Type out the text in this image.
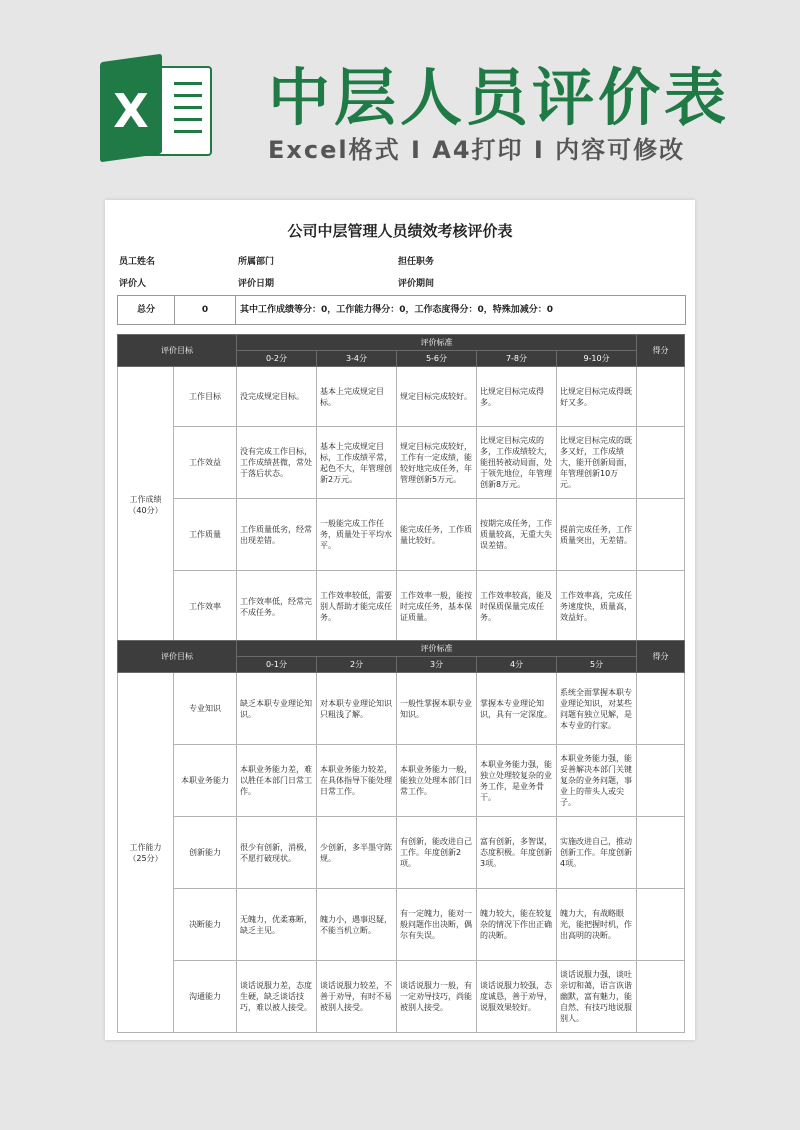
X 中层人员评价表
Excel格式 I A4打印 I 内容可修改
公司中层管理人员绩效考核评价表
员工姓名	所属部门	担任职务
评价人	评价日期	评价期间
总分	0	其中工作成绩等分：0，工作能力得分：0，工作态度得分：0，特殊加减分：0
评价目标		评价标准					得分
		0-2分	3-4分	5-6分	7-8分	9-10分	

工作成绩
（40分）	工作目标	没完成规定目标。	基本上完成规定目标。	规定目标完成较好。	比规定目标完成得多。	比规定目标完成得既好又多。	
	工作效益	没有完成工作目标，工作成绩甚微，常处于落后状态。	基本上完成规定目标，工作成绩平常，起色不大，年管理创新2万元。	规定目标完成较好，工作有一定成绩，能较好地完成任务，年管理创新5万元。	比规定目标完成的多，工作成绩较大，能扭转被动局面，处于领先地位，年管理创新8万元。	比规定目标完成的既多又好，工作成绩大，能开创新局面，年管理创新10万元。	
	工作质量	工作质量低劣，经常出现差错。	一般能完成工作任务，质量处于平均水平。	能完成任务，工作质量比较好。	按期完成任务，工作质量较高，无重大失误差错。	提前完成任务，工作质量突出，无差错。	
	工作效率	工作效率低，经常完不成任务。	工作效率较低，需要别人帮助才能完成任务。	工作效率一般，能按时完成任务，基本保证质量。	工作效率较高，能及时保质保量完成任务。	工作效率高，完成任务速度快，质量高，效益好。	
评价目标		评价标准					得分
		0-1分	2分	3分	4分	5分	

工作能力
（25分）	专业知识	缺乏本职专业理论知识。	对本职专业理论知识只粗浅了解。	一般性掌握本职专业知识。	掌握本专业理论知识，具有一定深度。	系统全面掌握本职专业理论知识，对某些问题有独立见解，是本专业的行家。	
	本职业务能力	本职业务能力差，难以胜任本部门日常工作。	本职业务能力较差，在具体指导下能处理日常工作。	本职业务能力一般，能独立处理本部门日常工作。	本职业务能力强，能独立处理较复杂的业务工作，是业务骨干。	本职业务能力强，能妥善解决本部门关键复杂的业务问题，事业上的带头人或尖子。	
	创新能力	很少有创新，消极，不愿打破现状。	少创新，多半墨守陈规。	有创新，能改进自己工作。年度创新2项。	富有创新，多智谋，态度积极。年度创新3项。	实施改进自己，推动创新工作。年度创新4项。	
	决断能力	无魄力，优柔寡断，缺乏主见。	魄力小，遇事迟疑，不能当机立断。	有一定魄力，能对一般问题作出决断，偶尔有失误。	魄力较大，能在较复杂的情况下作出正确的决断。	魄力大，有战略眼光，能把握时机，作出高明的决断。	
	沟通能力	谈话说服力差，态度生硬，缺乏谈话技巧，难以被人接受。	谈话说服力较差，不善于劝导，有时不易被别人接受。	谈话说服力一般，有一定劝导技巧，尚能被别人接受。	谈话说服力较强，态度诚恳，善于劝导，说服效果较好。	谈话说服力强，谈吐亲切和蔼，语言诙谐幽默，富有魅力，能自然、有技巧地说服别人。	
